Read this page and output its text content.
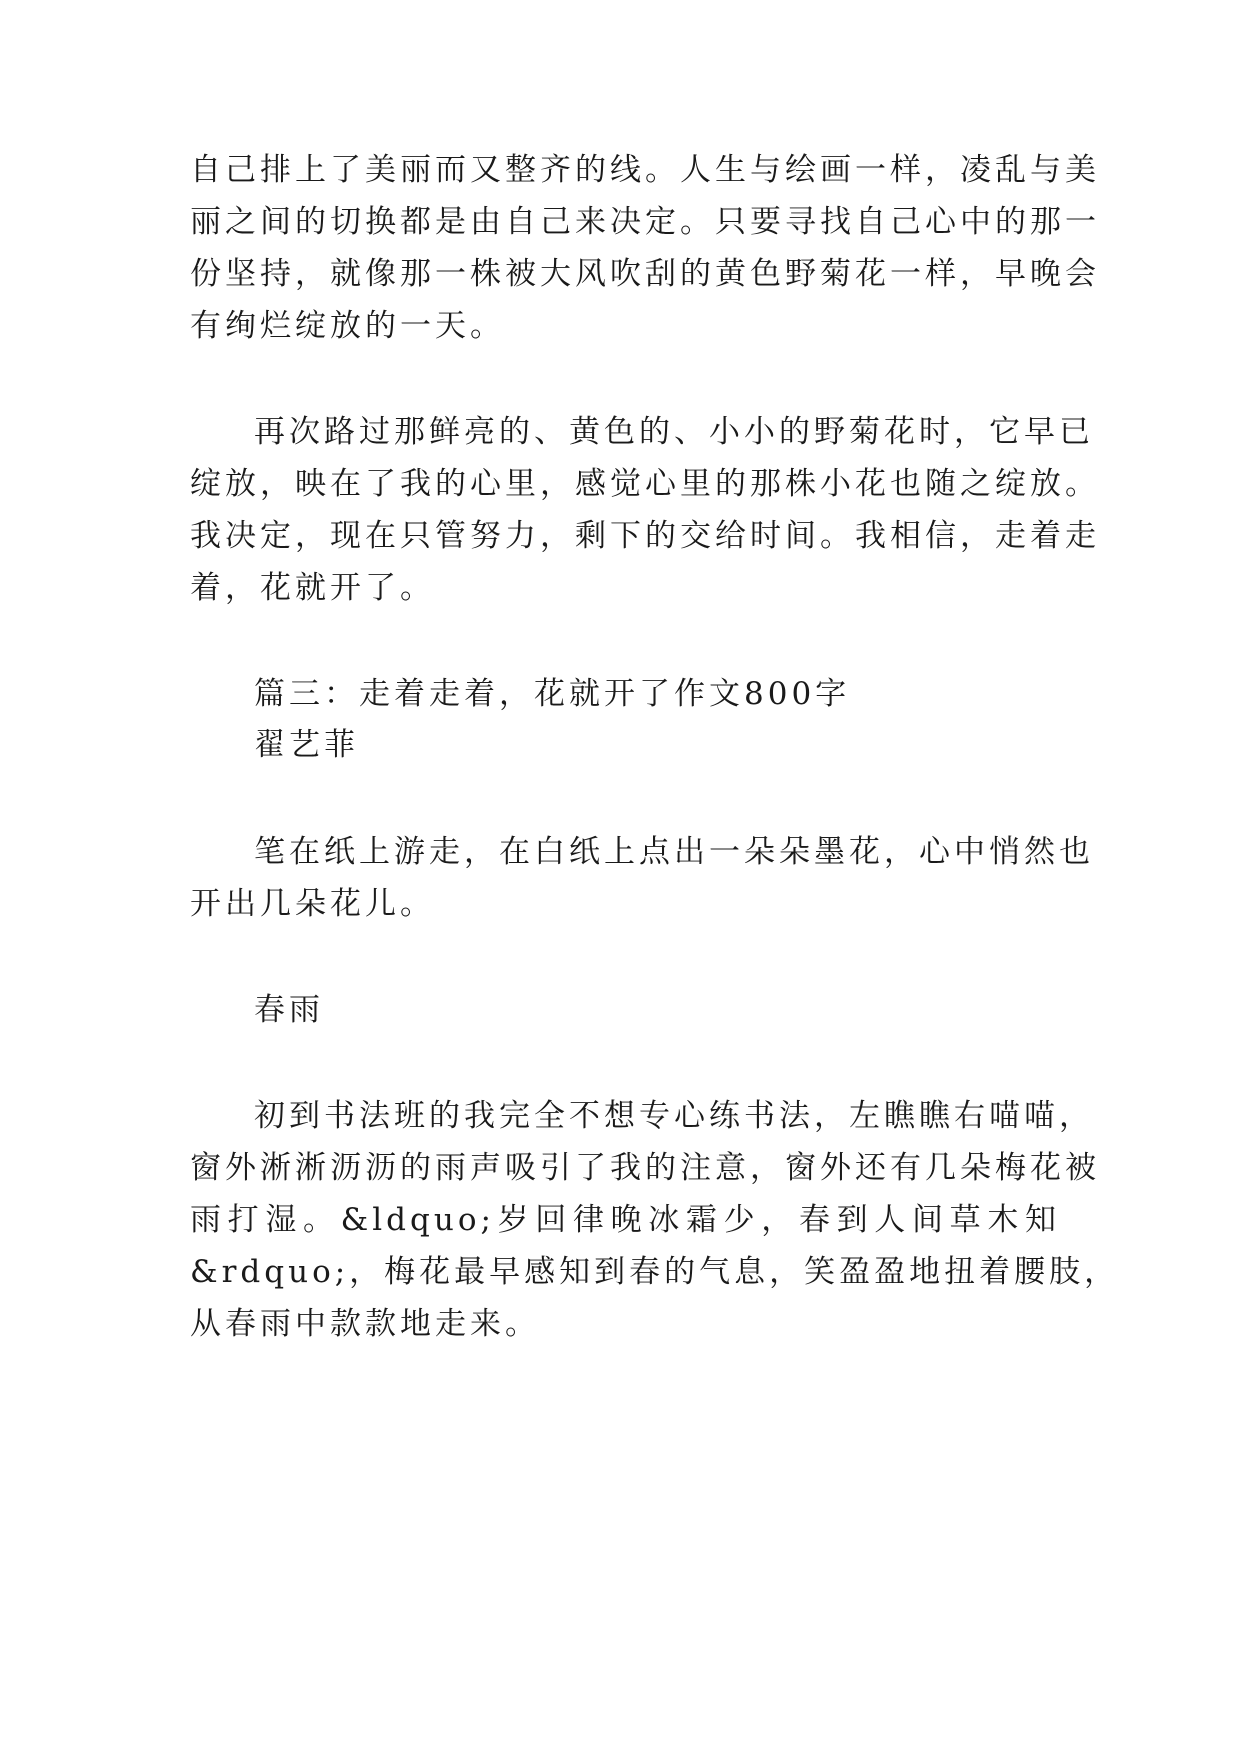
自己排上了美丽而又整齐的线。人生与绘画一样，凌乱与美
丽之间的切换都是由自己来决定。只要寻找自己心中的那一
份坚持，就像那一株被大风吹刮的黄色野菊花一样，早晚会
有绚烂绽放的一天。
再次路过那鲜亮的、黄色的、小小的野菊花时，它早已
绽放，映在了我的心里，感觉心里的那株小花也随之绽放。
我决定，现在只管努力，剩下的交给时间。我相信，走着走
着，花就开了。
篇三：走着走着，花就开了作文800字
翟艺菲
笔在纸上游走，在白纸上点出一朵朵墨花，心中悄然也
开出几朵花儿。
春雨
初到书法班的我完全不想专心练书法，左瞧瞧右喵喵，
窗外淅淅沥沥的雨声吸引了我的注意，窗外还有几朵梅花被
雨打湿。&ldquo;岁回律晚冰霜少，春到人间草木知
&rdquo;，梅花最早感知到春的气息，笑盈盈地扭着腰肢，
从春雨中款款地走来。
